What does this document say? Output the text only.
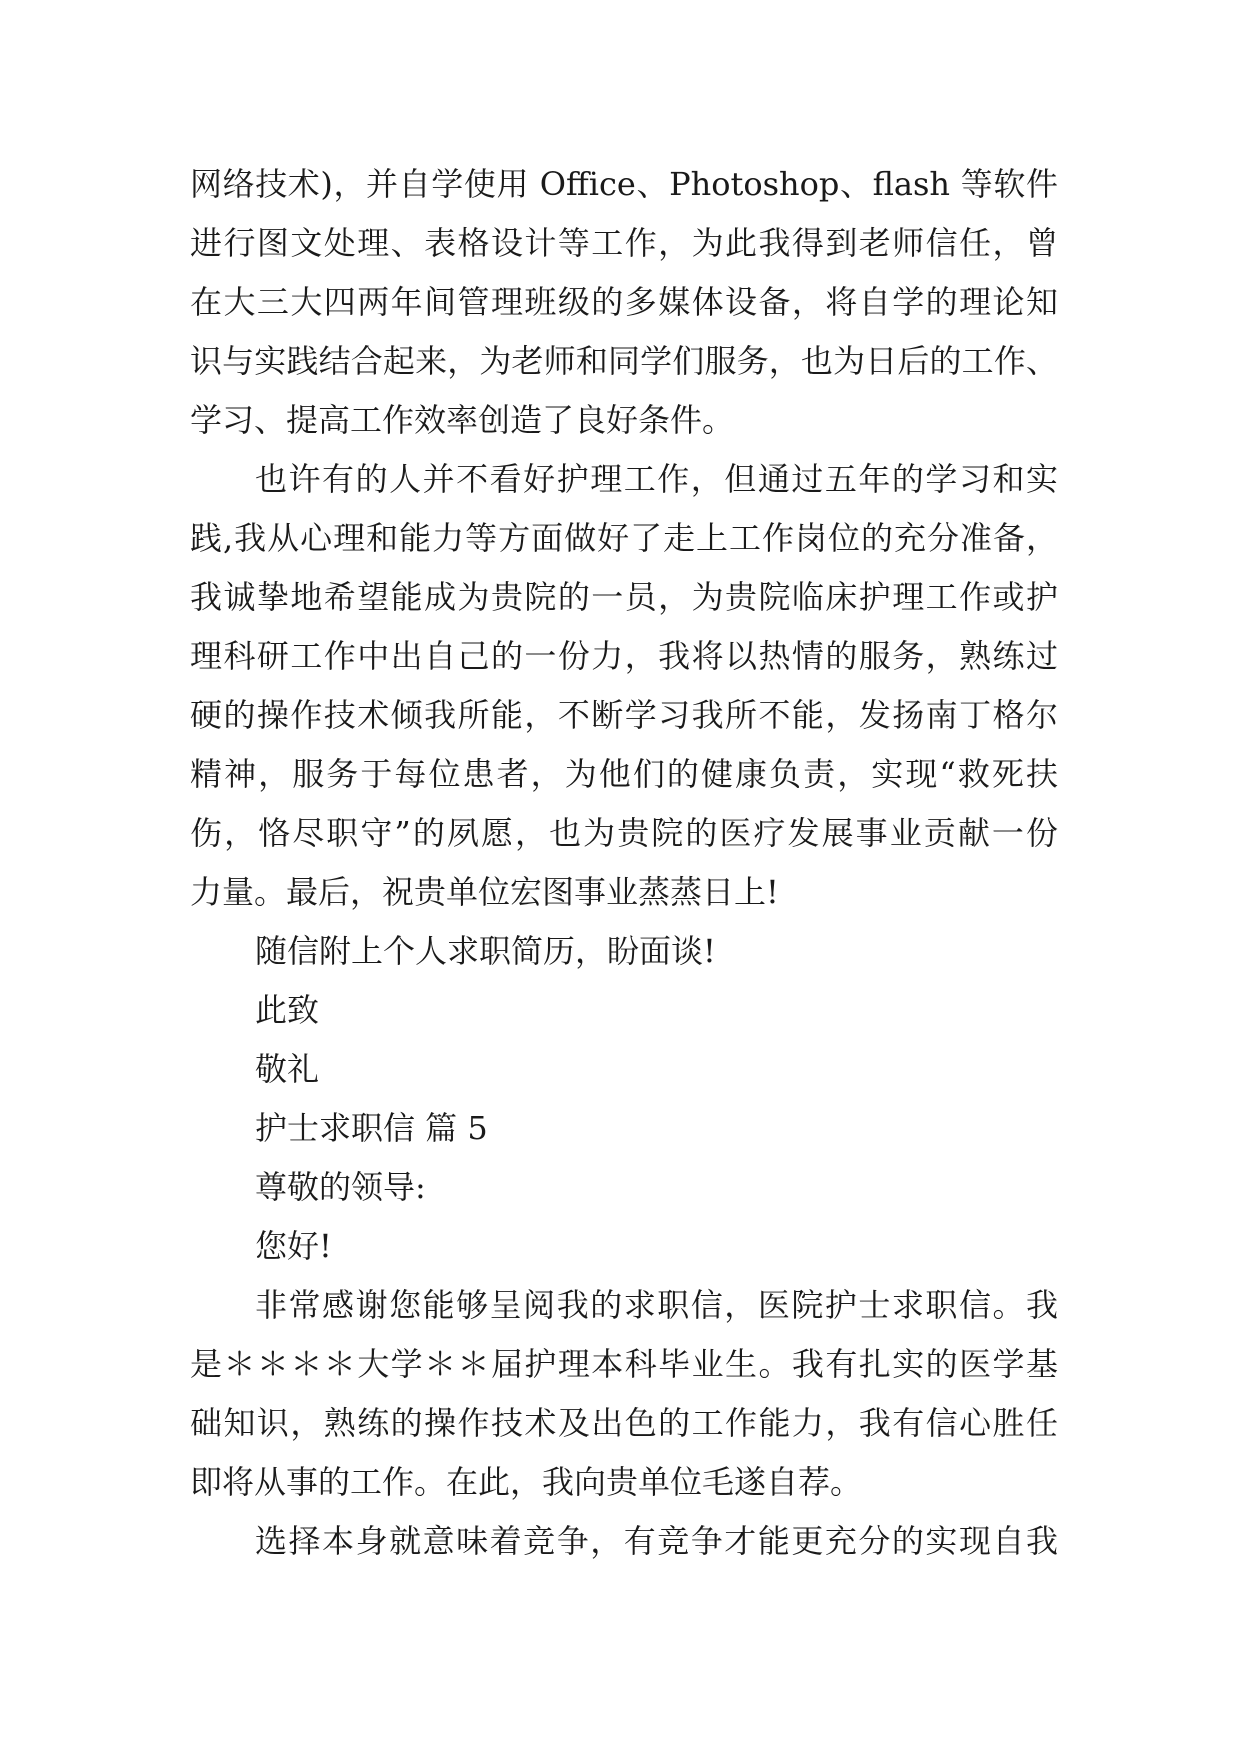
网络技术)，并自学使用 Office、Photoshop、flash 等软件
进行图文处理、表格设计等工作，为此我得到老师信任，曾
在大三大四两年间管理班级的多媒体设备，将自学的理论知
识与实践结合起来，为老师和同学们服务，也为日后的工作、
学习、提高工作效率创造了良好条件。
也许有的人并不看好护理工作，但通过五年的学习和实
践,我从心理和能力等方面做好了走上工作岗位的充分准备，
我诚挚地希望能成为贵院的一员，为贵院临床护理工作或护
理科研工作中出自己的一份力，我将以热情的服务，熟练过
硬的操作技术倾我所能，不断学习我所不能，发扬南丁格尔
精神，服务于每位患者，为他们的健康负责，实现“救死扶
伤，恪尽职守”的夙愿，也为贵院的医疗发展事业贡献一份
力量。最后，祝贵单位宏图事业蒸蒸日上!
随信附上个人求职简历，盼面谈!
此致
敬礼
护士求职信 篇 5
尊敬的领导:
您好!
非常感谢您能够呈阅我的求职信，医院护士求职信。我
是＊＊＊＊大学＊＊届护理本科毕业生。我有扎实的医学基
础知识，熟练的操作技术及出色的工作能力，我有信心胜任
即将从事的工作。在此，我向贵单位毛遂自荐。
选择本身就意味着竞争，有竞争才能更充分的实现自我
